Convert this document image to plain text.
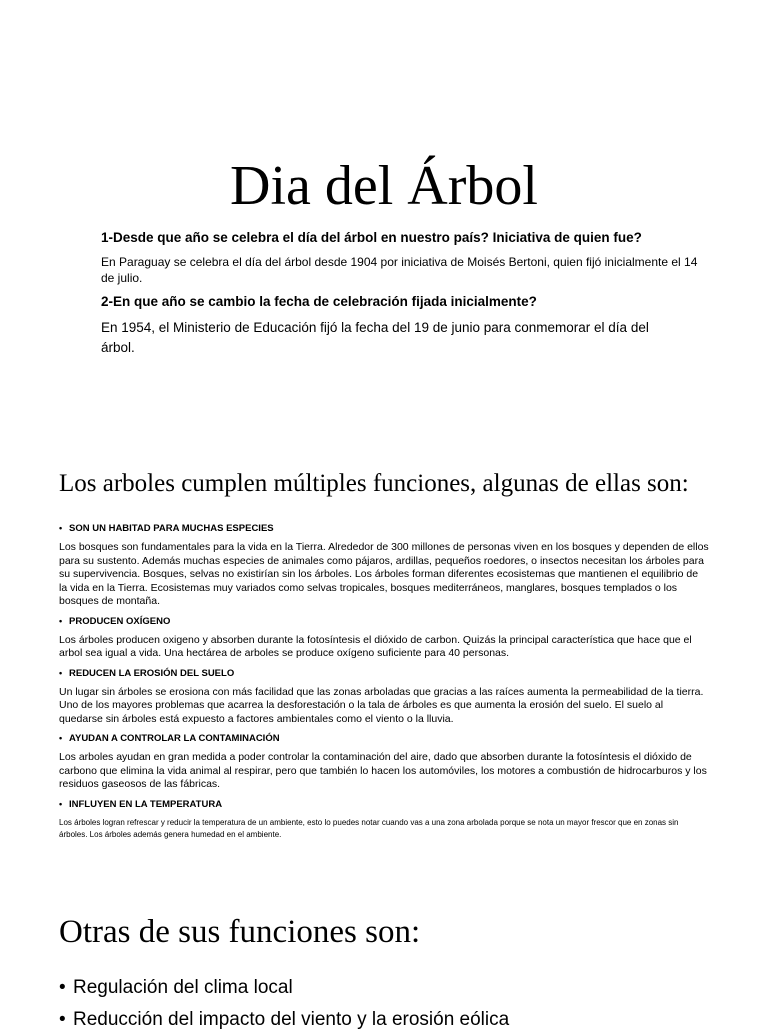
Dia del Árbol
1-Desde que año se celebra el día del árbol en nuestro país? Iniciativa de quien fue?
En Paraguay se celebra el día del árbol desde 1904 por iniciativa de Moisés Bertoni, quien fijó inicialmente el 14 de julio.
2-En que año se cambio la fecha de celebración fijada inicialmente?
En 1954, el Ministerio de Educación fijó la fecha del 19 de junio para conmemorar el día del árbol.
Los arboles cumplen múltiples funciones, algunas de ellas son:

• SON UN HABITAD PARA MUCHAS ESPECIES

Los bosques son fundamentales para la vida en la Tierra. Alrededor de 300 millones de personas viven en los bosques y dependen de ellos para su sustento. Además muchas especies de animales como pájaros, ardillas, pequeños roedores, o insectos necesitan los árboles para su supervivencia. Bosques, selvas no existirían sin los árboles. Los árboles forman diferentes ecosistemas que mantienen el equilibrio de la vida en la Tierra. Ecosistemas muy variados como selvas tropicales, bosques mediterráneos, manglares, bosques templados o los bosques de montaña.

• PRODUCEN OXÍGENO

Los árboles producen oxigeno y absorben durante la fotosíntesis el dióxido de carbon. Quizás la principal característica que hace que el arbol sea igual a vida. Una hectárea de arboles se produce oxígeno suficiente para 40 personas.

• REDUCEN LA EROSIÓN DEL SUELO

Un lugar sin árboles se erosiona con más facilidad que las zonas arboladas que gracias a las raíces aumenta la permeabilidad de la tierra. Uno de los mayores problemas que acarrea la desforestación o la tala de árboles es que aumenta la erosión del suelo. El suelo al quedarse sin árboles está expuesto a factores ambientales como el viento o la lluvia.

• AYUDAN A CONTROLAR LA CONTAMINACIÓN

Los arboles ayudan en gran medida a poder controlar la contaminación del aire, dado que absorben durante la fotosíntesis el dióxido de carbono que elimina la vida animal al respirar, pero que también lo hacen los automóviles, los motores a combustión de hidrocarburos y los residuos gaseosos de las fábricas.

• INFLUYEN EN LA TEMPERATURA

Los árboles logran refrescar y reducir la temperatura de un ambiente, esto lo puedes notar cuando vas a una zona arbolada porque se nota un mayor frescor que en zonas sin árboles. Los árboles además genera humedad en el ambiente.

Otras de sus funciones son:
• Regulación del clima local
• Reducción del impacto del viento y la erosión eólica
